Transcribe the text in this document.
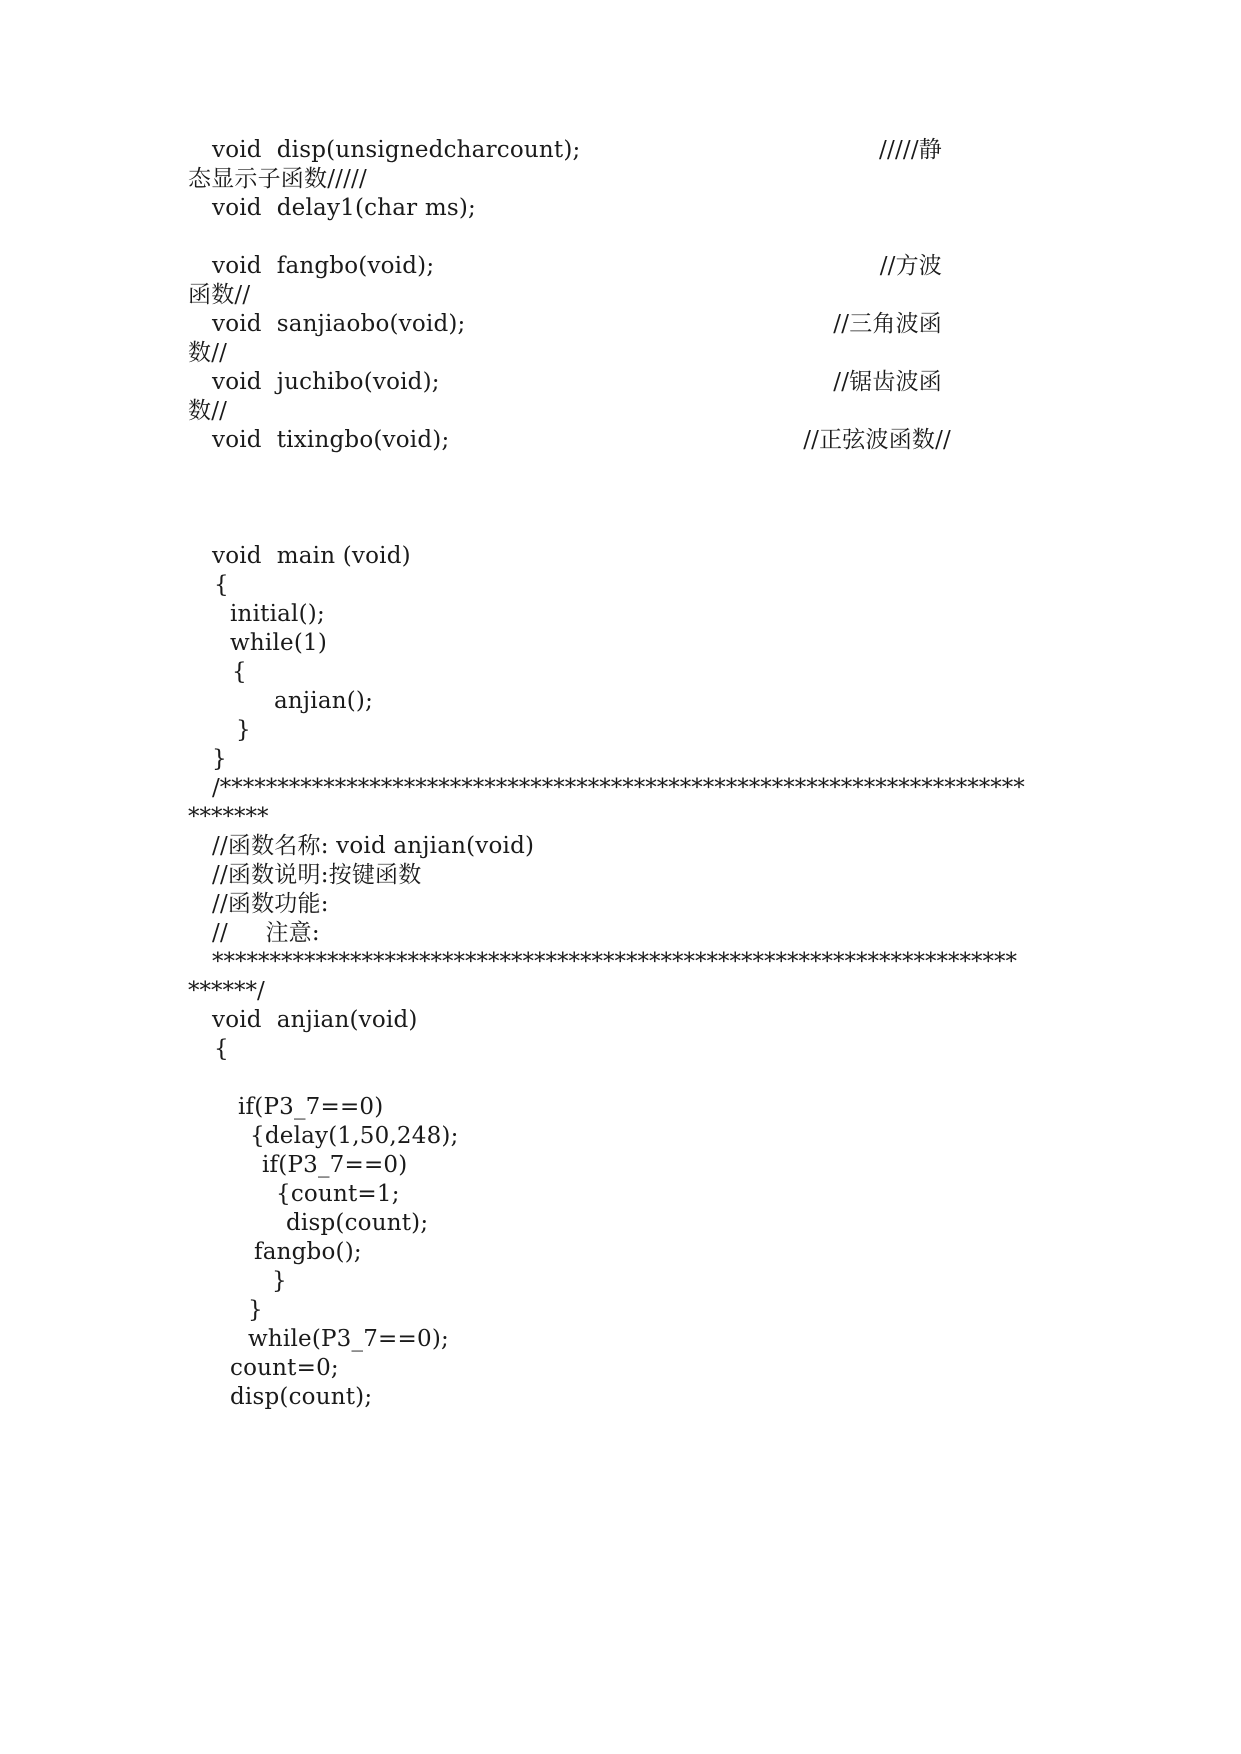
void  disp(unsignedcharcount);	/////静
态显示子函数/////
void  delay1(char ms);
void  fangbo(void);	//方波
函数//
void  sanjiaobo(void);	//三角波函
数//
void  juchibo(void);	//锯齿波函
数//
void  tixingbo(void);	//正弦波函数//
void  main (void)
{
initial();
while(1)
{
anjian();
}
}
/**********************************************************************
*******
//函数名称: void anjian(void)
//函数说明:按键函数
//函数功能:
//     注意:
**********************************************************************
******/
void  anjian(void)
{
if(P3_7==0)
{delay(1,50,248);
if(P3_7==0)
{count=1;
disp(count);
fangbo();
}
}
while(P3_7==0);
count=0;
disp(count);
